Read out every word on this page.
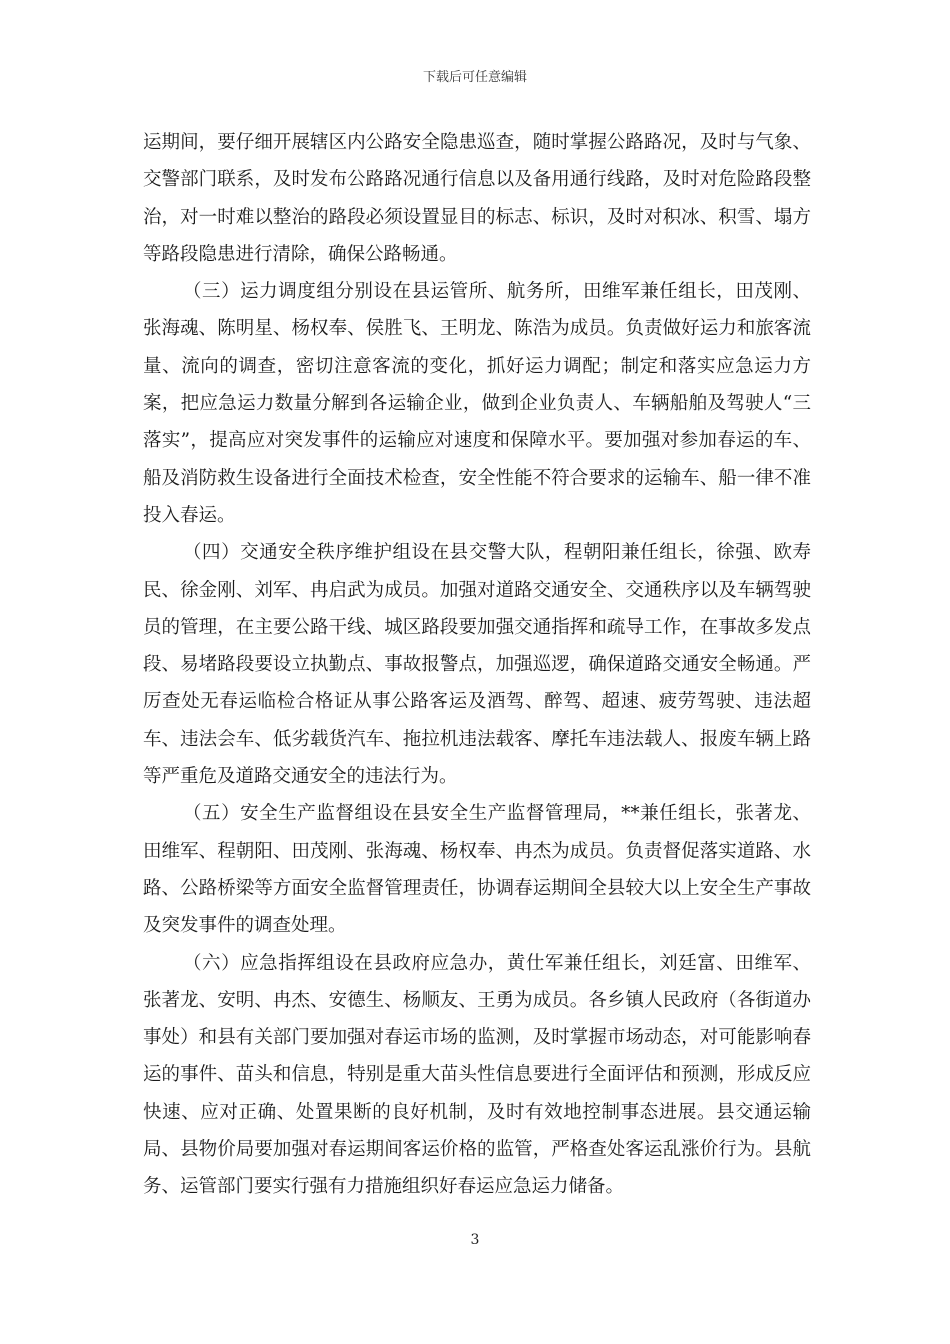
下载后可任意编辑

运期间，要仔细开展辖区内公路安全隐患巡查，随时掌握公路路况，及时与气象、交警部门联系，及时发布公路路况通行信息以及备用通行线路，及时对危险路段整治，对一时难以整治的路段必须设置显目的标志、标识，及时对积冰、积雪、塌方等路段隐患进行清除，确保公路畅通。

（三）运力调度组分别设在县运管所、航务所，田维军兼任组长，田茂刚、张海魂、陈明星、杨权奉、侯胜飞、王明龙、陈浩为成员。负责做好运力和旅客流量、流向的调查，密切注意客流的变化，抓好运力调配；制定和落实应急运力方案，把应急运力数量分解到各运输企业，做到企业负责人、车辆船舶及驾驶人“三落实”，提高应对突发事件的运输应对速度和保障水平。要加强对参加春运的车、船及消防救生设备进行全面技术检查，安全性能不符合要求的运输车、船一律不准投入春运。

（四）交通安全秩序维护组设在县交警大队，程朝阳兼任组长，徐强、欧寿民、徐金刚、刘军、冉启武为成员。加强对道路交通安全、交通秩序以及车辆驾驶员的管理，在主要公路干线、城区路段要加强交通指挥和疏导工作，在事故多发点段、易堵路段要设立执勤点、事故报警点，加强巡逻，确保道路交通安全畅通。严厉查处无春运临检合格证从事公路客运及酒驾、醉驾、超速、疲劳驾驶、违法超车、违法会车、低劣载货汽车、拖拉机违法载客、摩托车违法载人、报废车辆上路等严重危及道路交通安全的违法行为。

（五）安全生产监督组设在县安全生产监督管理局，**兼任组长，张著龙、田维军、程朝阳、田茂刚、张海魂、杨权奉、冉杰为成员。负责督促落实道路、水路、公路桥梁等方面安全监督管理责任，协调春运期间全县较大以上安全生产事故及突发事件的调查处理。

（六）应急指挥组设在县政府应急办，黄仕军兼任组长，刘廷富、田维军、张著龙、安明、冉杰、安德生、杨顺友、王勇为成员。各乡镇人民政府（各街道办事处）和县有关部门要加强对春运市场的监测，及时掌握市场动态，对可能影响春运的事件、苗头和信息，特别是重大苗头性信息要进行全面评估和预测，形成反应快速、应对正确、处置果断的良好机制，及时有效地控制事态进展。县交通运输局、县物价局要加强对春运期间客运价格的监管，严格查处客运乱涨价行为。县航务、运管部门要实行强有力措施组织好春运应急运力储备。

3
